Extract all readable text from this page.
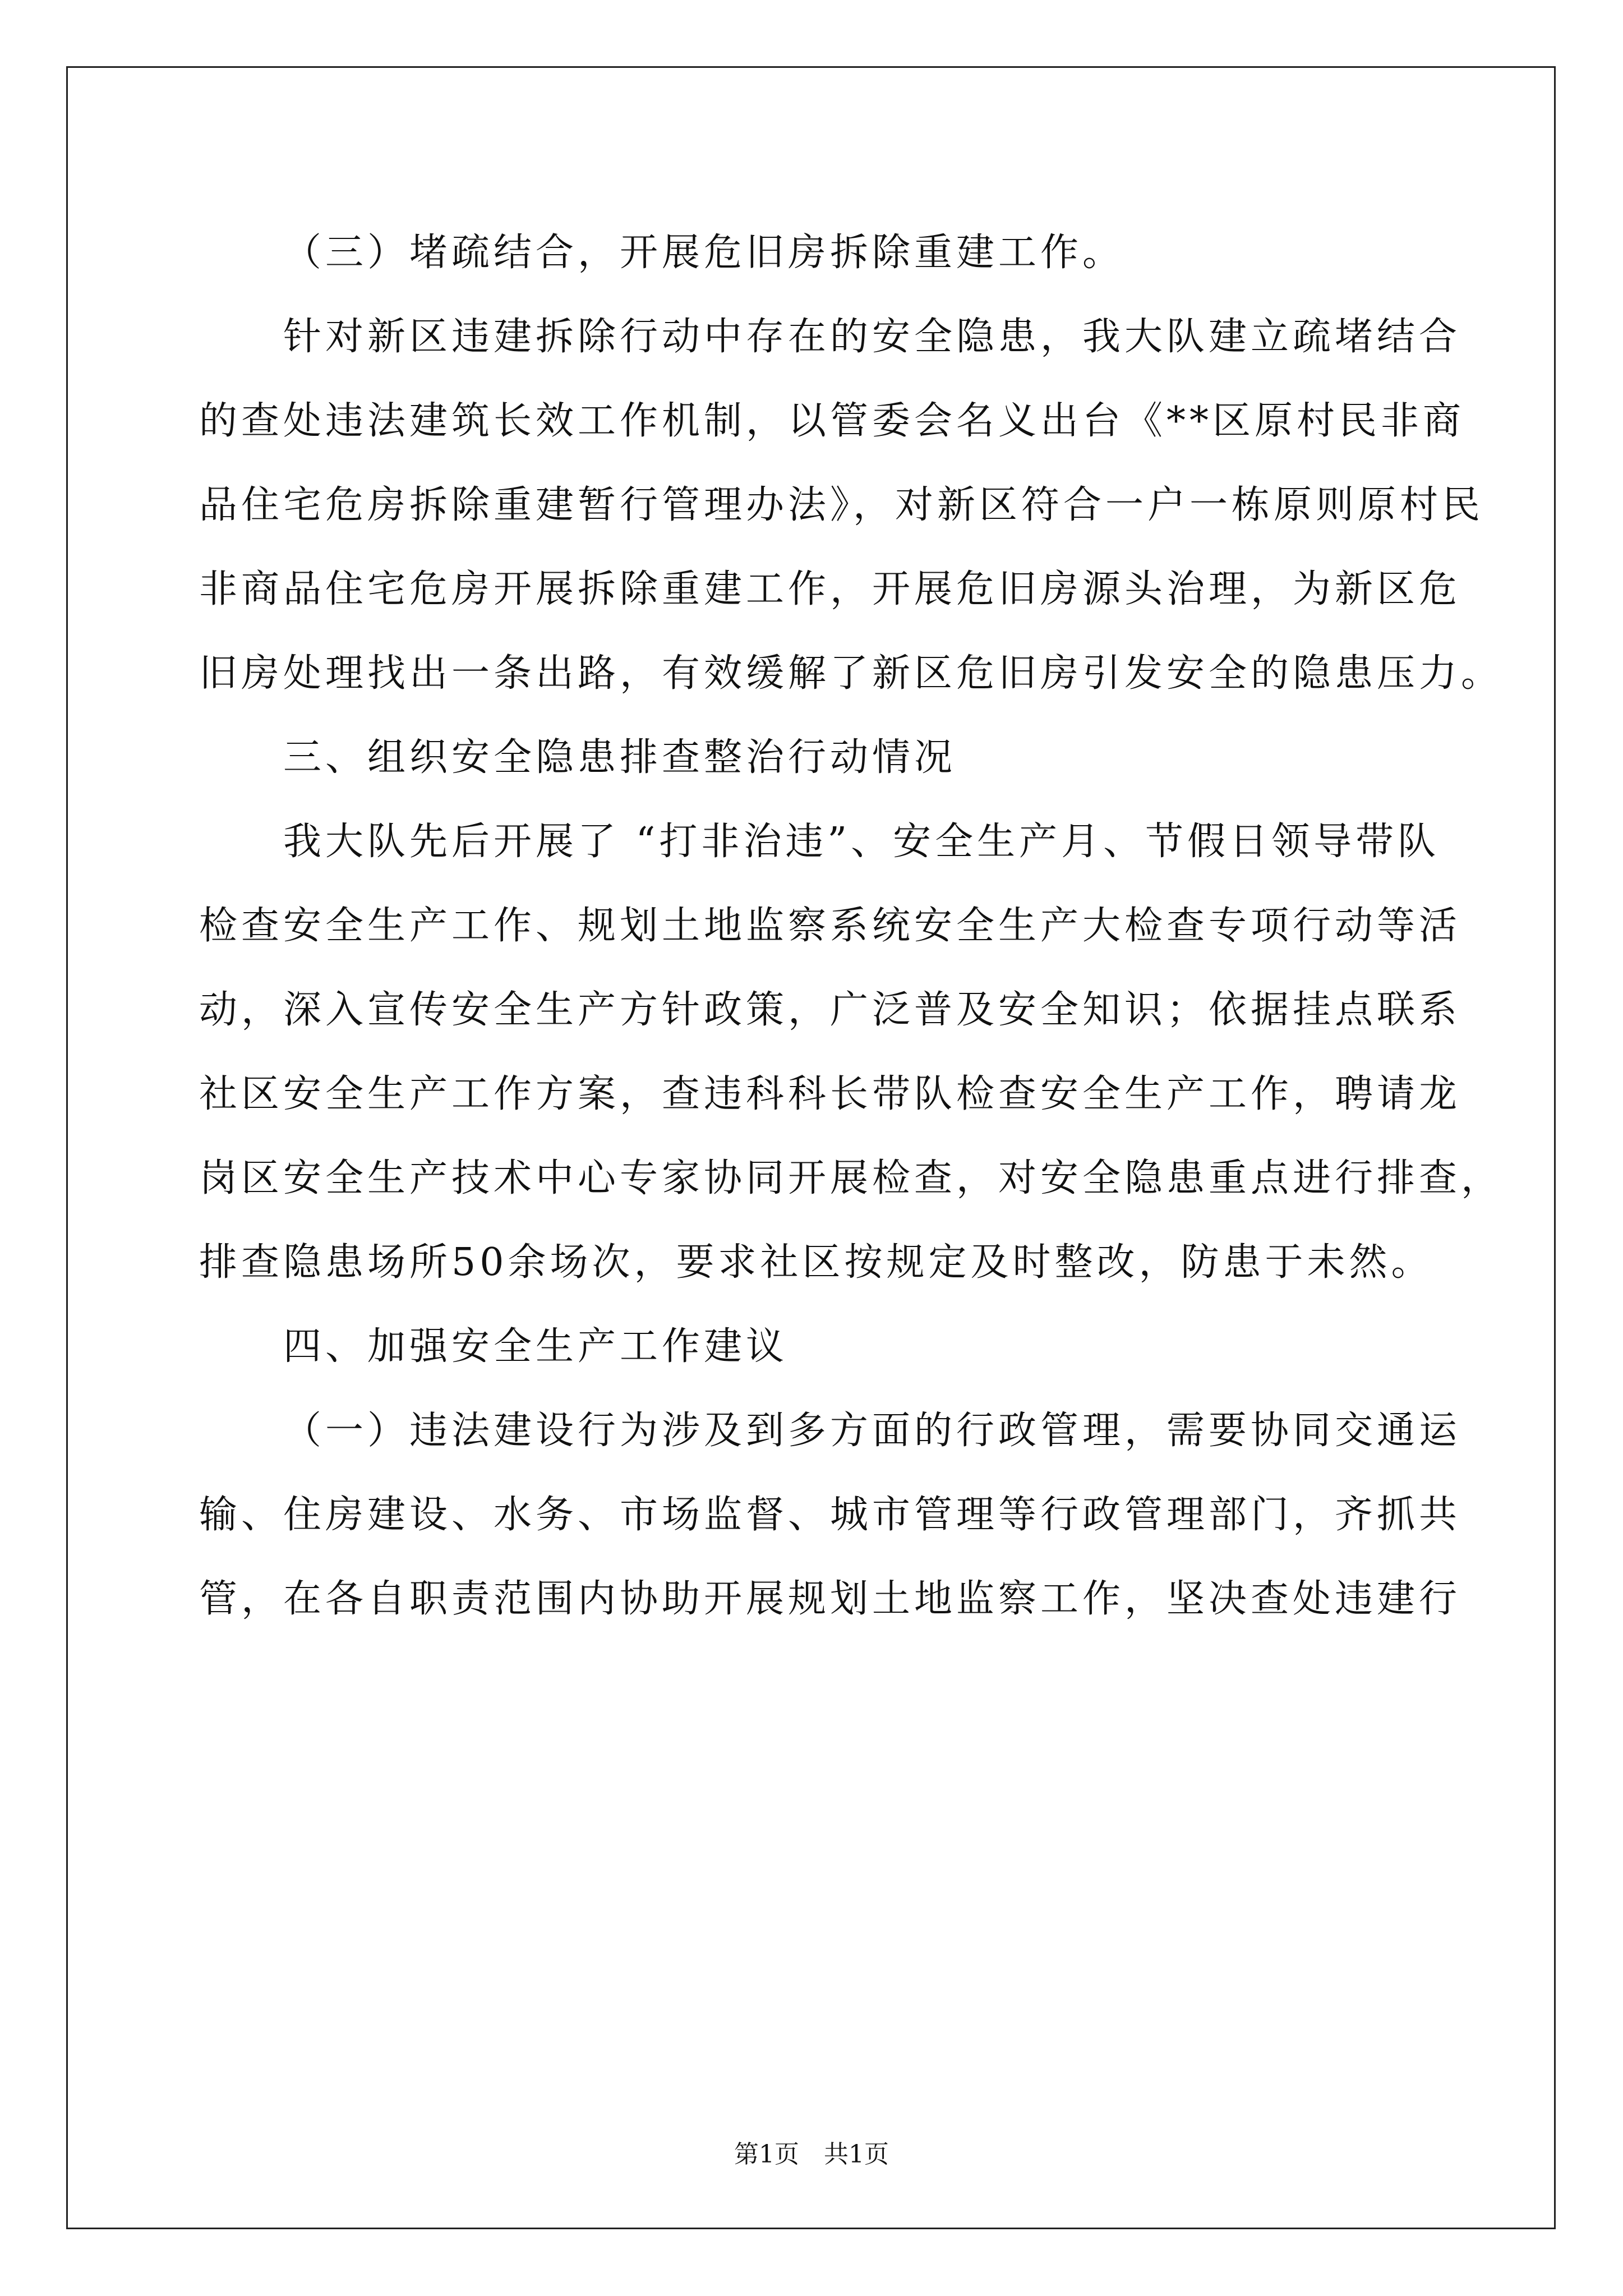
（三）堵疏结合，开展危旧房拆除重建工作。
针对新区违建拆除行动中存在的安全隐患，我大队建立疏堵结合
的查处违法建筑长效工作机制，以管委会名义出台《**区原村民非商
品住宅危房拆除重建暂行管理办法》，对新区符合一户一栋原则原村民
非商品住宅危房开展拆除重建工作，开展危旧房源头治理，为新区危
旧房处理找出一条出路，有效缓解了新区危旧房引发安全的隐患压力。
三、组织安全隐患排查整治行动情况
我大队先后开展了 “打非治违”、安全生产月、节假日领导带队
检查安全生产工作、规划土地监察系统安全生产大检查专项行动等活
动，深入宣传安全生产方针政策，广泛普及安全知识；依据挂点联系
社区安全生产工作方案，查违科科长带队检查安全生产工作，聘请龙
岗区安全生产技术中心专家协同开展检查，对安全隐患重点进行排查，
排查隐患场所50余场次，要求社区按规定及时整改，防患于未然。
四、加强安全生产工作建议
（一）违法建设行为涉及到多方面的行政管理，需要协同交通运
输、住房建设、水务、市场监督、城市管理等行政管理部门，齐抓共
管，在各自职责范围内协助开展规划土地监察工作，坚决查处违建行
第1页　共1页
